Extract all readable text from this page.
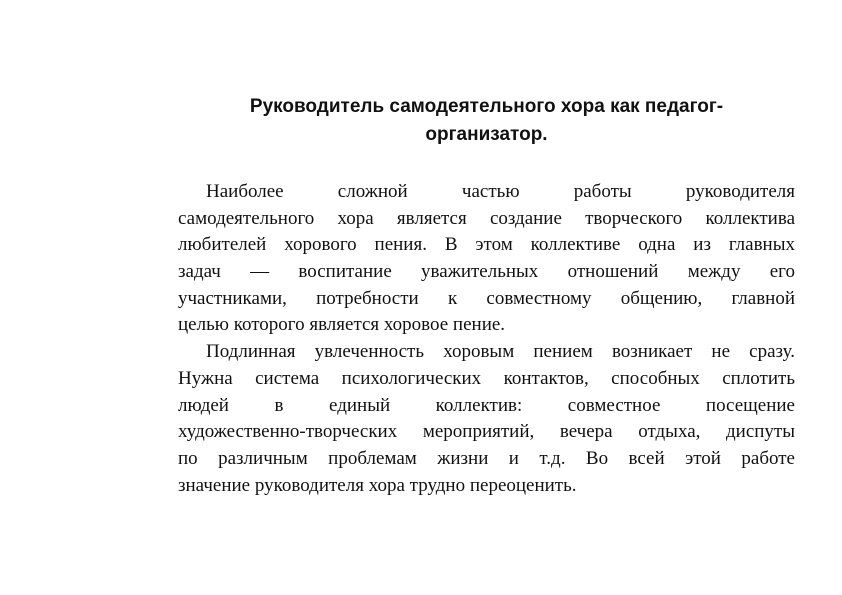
Руководитель самодеятельного хора как педагог-
организатор.
Наиболее сложной частью работы руководителя
самодеятельного хора является создание творческого коллектива
любителей хорового пения. В этом коллективе одна из главных
задач — воспитание уважительных отношений между его
участниками, потребности к совместному общению, главной
целью которого является хоровое пение.
Подлинная увлеченность хоровым пением возникает не сразу.
Нужна система психологических контактов, способных сплотить
людей в единый коллектив: совместное посещение
художественно-творческих мероприятий, вечера отдыха, диспуты
по различным проблемам жизни и т.д. Во всей этой работе
значение руководителя хора трудно переоценить.
